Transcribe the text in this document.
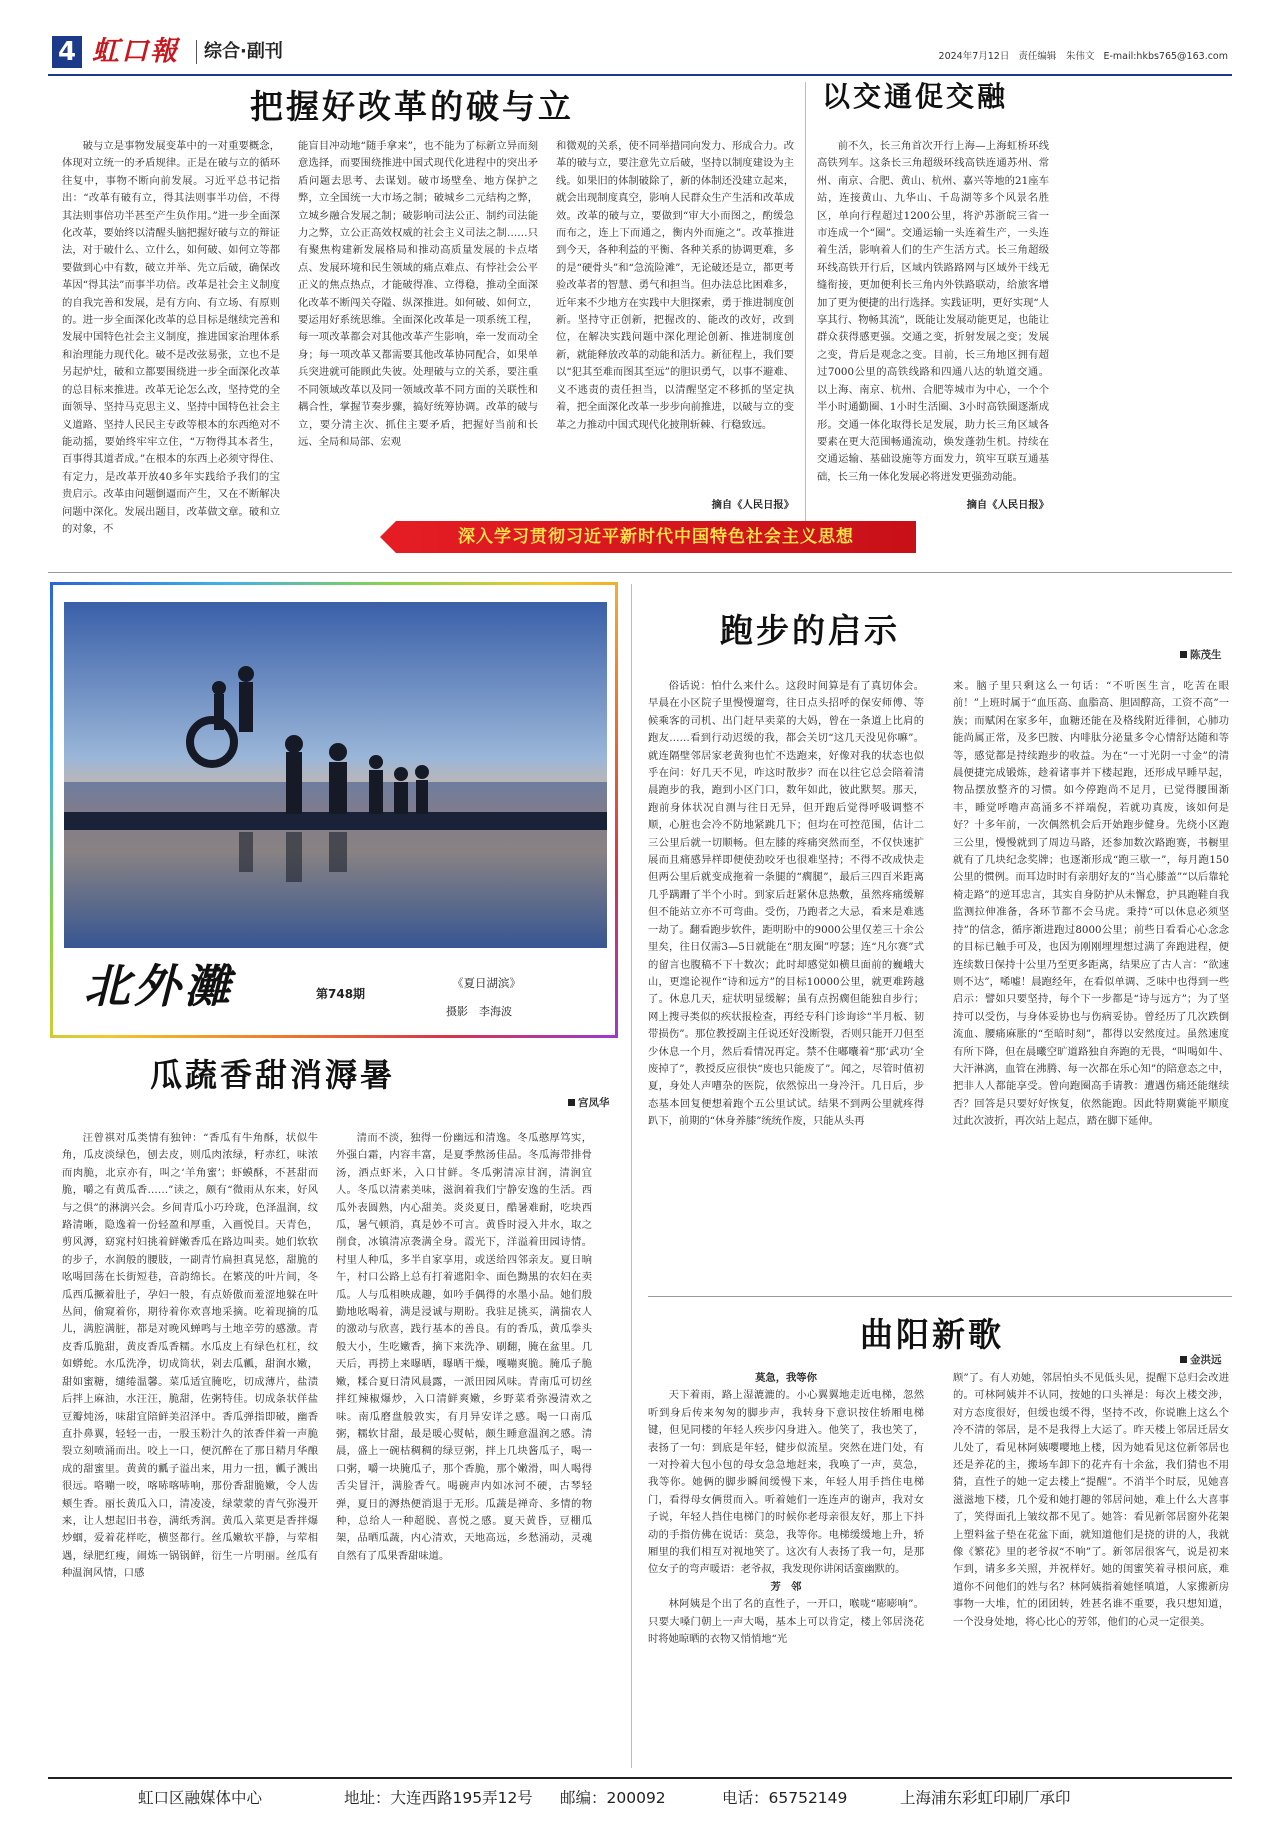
4 虹口報 综合·副刊	2024年7月12日 责任编辑　朱伟文 E-mail:hkbs765@163.com
把握好改革的破与立

破与立是事物发展变革中的一对重要概念，体现对立统一的矛盾规律。正是在破与立的循环往复中，事物不断向前发展。习近平总书记指出：“改革有破有立，得其法则事半功倍，不得其法则事倍功半甚至产生负作用。”进一步全面深化改革，要始终以清醒头脑把握好破与立的辩证法，对于破什么、立什么，如何破、如何立等都要做到心中有数，破立并举、先立后破，确保改革因“得其法”而事半功倍。改革是社会主义制度的自我完善和发展，是有方向、有立场、有原则的。进一步全面深化改革的总目标是继续完善和发展中国特色社会主义制度，推进国家治理体系和治理能力现代化。破不是改弦易张，立也不是另起炉灶，破和立都要围绕进一步全面深化改革的总目标来推进。改革无论怎么改，坚持党的全面领导、坚持马克思主义、坚持中国特色社会主义道路、坚持人民民主专政等根本的东西绝对不能动摇，要始终牢牢立住，“万物得其本者生，百事得其道者成。”在根本的东西上必须守得住、有定力，是改革开放40多年实践给予我们的宝贵启示。改革由问题倒逼而产生，又在不断解决问题中深化。发展出题目，改革做文章。破和立的对象，不

能盲目冲动地“随手拿来”，也不能为了标新立异而刻意选择，而要围绕推进中国式现代化进程中的突出矛盾问题去思考、去谋划。破市场壁垒、地方保护之弊，立全国统一大市场之制；破城乡二元结构之弊，立城乡融合发展之制；破影响司法公正、制约司法能力之弊，立公正高效权威的社会主义司法之制……只有聚焦构建新发展格局和推动高质量发展的卡点堵点、发展环境和民生领域的痛点难点、有悖社会公平正义的焦点热点，才能破得准、立得稳，推动全面深化改革不断闯关夺隘、纵深推进。如何破、如何立，要运用好系统思维。全面深化改革是一项系统工程，每一项改革都会对其他改革产生影响，牵一发而动全身；每一项改革又都需要其他改革协同配合，如果单兵突进就可能顾此失彼。处理破与立的关系，要注重不同领域改革以及同一领域改革不同方面的关联性和耦合性，掌握节奏步骤，搞好统筹协调。改革的破与立，要分清主次、抓住主要矛盾，把握好当前和长远、全局和局部、宏观

和微观的关系，使不同举措同向发力、形成合力。改革的破与立，要注意先立后破，坚持以制度建设为主线。如果旧的体制破除了，新的体制还没建立起来，就会出现制度真空，影响人民群众生产生活和改革成效。改革的破与立，要做到“审大小而图之，酌缓急而布之，连上下而通之，衡内外而施之”。改革推进到今天，各种利益的平衡、各种关系的协调更难，多的是“硬骨头”和“急流险滩”，无论破还是立，都更考验改革者的智慧、勇气和担当。但办法总比困难多，近年来不少地方在实践中大胆探索，勇于推进制度创新。坚持守正创新，把握改的、能改的改好，改到位，在解决实践问题中深化理论创新、推进制度创新，就能释放改革的动能和活力。新征程上，我们要以“犯其至难而图其至远”的胆识勇气，以事不避难、义不逃责的责任担当，以清醒坚定不移抓的坚定执着，把全面深化改革一步步向前推进，以破与立的变革之力推动中国式现代化披荆斩棘、行稳致远。

摘自《人民日报》
以交通促交融

前不久，长三角首次开行上海—上海虹桥环线高铁列车。这条长三角超级环线高铁连通苏州、常州、南京、合肥、黄山、杭州、嘉兴等地的21座车站，连接黄山、九华山、千岛湖等多个风景名胜区，单向行程超过1200公里，将沪苏浙皖三省一市连成一个“圈”。交通运输一头连着生产，一头连着生活，影响着人们的生产生活方式。长三角超级环线高铁开行后，区域内铁路路网与区域外干线无缝衔接，更加便利长三角内外铁路联动，给旅客增加了更为便捷的出行选择。实践证明，更好实现“人享其行、物畅其流”，既能让发展动能更足，也能让群众获得感更强。交通之变，折射发展之变；发展之变，背后是观念之变。目前，长三角地区拥有超过7000公里的高铁线路和四通八达的轨道交通。以上海、南京、杭州、合肥等城市为中心，一个个半小时通勤圈、1小时生活圈、3小时高铁圈逐渐成形。交通一体化取得长足发展，助力长三角区域各要素在更大范围畅通流动，焕发蓬勃生机。持续在交通运输、基础设施等方面发力，筑牢互联互通基础，长三角一体化发展必将迸发更强劲动能。

摘自《人民日报》
深入学习贯彻习近平新时代中国特色社会主义思想
北外灘	第748期
《夏日湖滨》
摄影　李海波
瓜蔬香甜消溽暑
宫凤华

汪曾祺对瓜类情有独钟：“香瓜有牛角酥，状似牛角，瓜皮淡绿色，刨去皮，则瓜肉浓绿，籽赤红，味浓而肉脆，北京亦有，叫之‘羊角蜜’；虾蟆酥，不甚甜而脆，嚼之有黄瓜香……”读之，颇有“微雨从东来，好风与之俱”的淋漓兴会。乡间青瓜小巧玲珑，色泽温润，纹路清晰，隐逸着一份轻盈和厚重，入画悦目。天青色，剪风溽，窈窕村妇挑着鲜嫩香瓜在路边叫卖。她们软软的步子，水润般的腰肢，一副青竹扁担真晃悠，甜脆的吆喝回荡在长街短巷，音韵绵长。在繁茂的叶片间，冬瓜西瓜撅着肚子，孕妇一般，有点娇傲而羞涩地躲在叶丛间，偷窥着你，期待着你欢喜地采摘。吃着现摘的瓜儿，满腔满脏，都是对晚风蝉鸣与土地辛劳的感激。青皮香瓜脆甜，黄皮香瓜香糯。水瓜皮上有绿色杠杠，纹如蟒蛇。水瓜洗净，切成筒状，剁去瓜瓤，甜润水嫩，甜如蜜糖，缱绻温馨。菜瓜适宜腌吃，切成薄片，盐渍后拌上麻油，水汪汪，脆甜，佐粥特佳。切成条状佯盐豆瓣炖汤，味甜宜陪鲜美沼泽中。香瓜弹指即破，幽香直扑鼻翼，轻轻一击，一股玉粉汁久的浓香伴着一声脆裂立刻喷涌而出。咬上一口，便沉醉在了那日精月华酿成的甜蜜里。黄黄的瓤子溢出来，用力一扭，瓤子溅出很远。咯嘣一咬，喀哧喀哧响，那份香甜脆嫩，令人齿颊生香。丽长黄瓜入口，清凌凌，绿蒙蒙的青气弥漫开来，让人想起旧书卷，满纸秀润。黄瓜入菜更是香拌爆炒蝈，爱着花样吃，横竖都行。丝瓜嫩软平静，与荤相遇，绿肥红瘦，闹炼一锅锅鲜，衍生一片明丽。丝瓜有种温润风情，口感

清而不淡，独得一份幽远和清逸。冬瓜憨厚笃实，外强白霜，内容丰富，是夏季熬汤佳品。冬瓜海带排骨汤，酒点虾米，入口甘鲜。冬瓜粥清凉甘润，清润宜人。冬瓜以清素美味，滋润着我们宁静安逸的生活。西瓜外表圆熟，内心甜美。炎炎夏日，酷暑难耐，吃块西瓜，暑气顿消，真是妙不可言。黄昏时浸入井水，取之削食，冰镇清凉袭满全身。霞光下，洋溢着田园诗情。村里人种瓜，多半自家享用，或送给四邻亲友。夏日晌午，村口公路上总有打着遮阳伞、面色黝黑的农妇在卖瓜。人与瓜相映成趣，如吟手偶得的水墨小品。她们殷勤地吆喝着，满是浸诚与期盼。我驻足挑买，满揣农人的激动与欣喜，践行基本的善良。有的香瓜，黄瓜拳头般大小，生吃嫩香，摘下来洗净、刷翻，腌在盆里。几天后，再捞上来曝晒，曝晒干燥，嘎嘣爽脆。腌瓜子脆嫩，糅合夏日清风晨露，一派田园风味。青南瓜可切丝拌红辣椒爆炒，入口清鲜爽嫩，乡野菜肴弥漫清欢之味。南瓜磨盘般敦实，有月异安详之感。喝一口南瓜粥，糯软甘甜，最是暖心熨帖，颇生睡意温润之感。清晨，盛上一碗枯稠稠的绿豆粥，拌上几块酱瓜子，喝一口粥，嚼一块腌瓜子，那个香脆，那个嫩滑，叫人喝得舌尖冒汗，满脸香气。喝碗声内如冰河不硬，古琴轻弹，夏日的溽热便消退于无形。瓜蔬是禅奇、多情的物种，总给人一种超脱、喜悦之感。夏天黄昏，豆棚瓜架，品晒瓜蔬，内心清欢，天地高远，乡愁涌动，灵魂自然有了瓜果香甜味道。

跑步的启示
陈茂生

俗话说：怕什么来什么。这段时间算是有了真切体会。早晨在小区院子里慢慢遛弯，往日点头招呼的保安师傅、等候乘客的司机、出门赶早卖菜的大妈，曾在一条道上比肩的跑友……看到行动迟缓的我，都会关切“这几天没见你嘛”。就连隔壁邻居家老黄狗也忙不迭跑来，好像对我的状态也似乎在问：好几天不见，咋这时散步？而在以往它总会陪着清晨跑步的我，跑到小区门口，数年如此，彼此默契。那天，跑前身体状况自测与往日无异，但开跑后觉得呼吸调整不顺，心脏也会冷不防地紧跳几下；但均在可控范围，估计二三公里后就一切顺畅。但左膝的疼痛突然而至，不仅快速扩展而且痛感异样即便使劲咬牙也很难坚持；不得不改成快走但两公里后就变成拖着一条腿的“瘸腿”，最后三四百米距离几乎蹒跚了半个小时。到家后赶紧休息热敷，虽然疼痛缓解但不能站立亦不可弯曲。受伤，乃跑者之大忌，看来是难逃一劫了。翻看跑步软件，距明盼中的9000公里仅差三十余公里矣，往日仅需3—5日就能在“朋友圈”哼瑟；连“凡尔赛”式的留言也腹稿不下十数次；此时却感觉如横旦面前的巍峨大山，更遑论视作“诗和远方”的目标10000公里，就更难跨越了。休息几天，症状明显缓解；虽有点拐瘸但能独自步行；网上搜寻类似的疾状报检查，再经专科门诊询诊“半月板、韧带损伤”。那位教授副主任说还好没断裂，否则只能开刀但至少休息一个月，然后看情况再定。禁不住嘟囔着“那‘武功’全废掉了”，教授反应很快“废也只能废了”。闻之，尽管时值初夏，身处人声嘈杂的医院，依然惊出一身冷汗。几日后，步态基本回复便想着跑个五公里试试。结果不到两公里就疼得趴下，前期的“休身养膝”统统作废，只能从头再

来。脑子里只剩这么一句话：“不听医生言，吃苦在眼前！”上班时属于“血压高、血脂高、胆固醇高，工资不高”一族；而赋闲在家多年，血糖还能在及格线附近徘徊，心肺功能尚属正常，及多巴胺、内啡肽分泌量多令心情舒达随和等等，感觉都是持续跑步的收益。为在“一寸光阴一寸金”的清晨便捷完成锻炼，趁着诸事并下楼起跑，还形成早睡早起，物品摆放整齐的习惯。如今停跑尚不足月，已觉得腰围渐丰，睡觉呼噜声高涌多不祥端倪，若就功真废，该如何是好？十多年前，一次偶然机会后开始跑步健身。先绕小区跑三公里，慢慢就到了周边马路，还参加数次路跑赛，书橱里就有了几块纪念奖牌；也逐渐形成“跑三歇一”，每月跑150公里的惯例。而耳边时时有亲朋好友的“当心膝盖”“以后靠轮椅走路”的逆耳忠言，其实自身防护从未懈怠，护具跑鞋自我监测拉伸准备，各环节都不会马虎。秉持“可以休息必须坚持”的信念，循序渐进跑过8000公里；前些日看看心心念念的目标已触手可及，也因为刚刚埋埋想过满了奔跑进程，便连续数日保持十公里乃至更多距离，结果应了古人言：“欲速则不达”，唏嘘！晨跑经年，在看似单调、乏味中也得到一些启示：譬如只要坚持，每个下一步都是“诗与远方”；为了坚持可以受伤，与身体妥协也与伤病妥协。曾经历了几次跌倒流血、腰痛麻胀的“至暗时刻”，都得以安然度过。虽然速度有所下降，但在晨曦空旷道路独自奔跑的无畏，“叫喝如牛、大汗淋漓，血管在沸腾、每一次都在乐心知”的陪意态之中，把非人人都能享受。曾向跑圈高手请教：遭遇伤痛还能继续否？回答是只要好好恢复，依然能跑。因此特期冀能平顺度过此次波折，再次站上起点，踏在脚下延伸。

曲阳新歌
金洪远

莫急，我等你

天下着雨，路上湿漉漉的。小心翼翼地走近电梯，忽然听到身后传来匆匆的脚步声，我转身下意识按住轿厢电梯键，但见同楼的年轻人疾步闪身进入。他笑了，我也笑了，表扬了一句：到底是年轻，健步似流星。突然在进门处，有一对拎着大包小包的母女急急地赶来，我唤了一声，莫急，我等你。她俩的脚步瞬间缓慢下来，年轻人用手挡住电梯门，看得母女俩贯而入。听着她们一连连声的谢声，我对女子说，年轻人挡住电梯门的时候你老母亲很友好，那上下抖动的手指仿佛在说话：莫急，我等你。电梯缓缓地上升，轿厢里的我们相互对视地笑了。这次有人表扬了我一句，是那位女子的弯声暖语：老爷叔，我发现你讲闲话蛮幽默的。

芳　邻

林阿姨是个出了名的直性子，一开口，喉咙“嘭嘭响”。只要大嗓门朝上一声大喝，基本上可以肯定，楼上邻居浇花时将她晾晒的衣物又悄悄地“光

顾”了。有人劝她，邻居怕头不见低头见，提醒下总归会改进的。可林阿姨并不认同，按她的口头禅是：每次上楼交涉，对方态度很好，但缓也缓不得，坚持不改，你说瞧上这么个冷不清的邻居，是不是我得上大运了。昨天楼上邻居迁居女儿处了，看见林阿姨嘤嘤地上楼，因为她看见这位新邻居也还是养花的主，搬场车卸下的花卉有十余盆，我们猜也不用猜，直性子的她一定去楼上“提醒”。不消半个时辰，见她喜滋滋地下楼，几个爱和她打趣的邻居问她，难上什么大喜事了，笑得面孔上皱纹都不见了。她答：看见新邻居窗外花架上塑料盆子垫在花盆下面，就知道他们是挠的讲的人，我就像《繁花》里的老爷叔“不响”了。新邻居很客气，说是初来乍到，请多多关照，并祝样好。她的闺蜜笑着寻根问底，难道你不问他们的姓与名？林阿姨指着她怪嗔道，人家搬新房事物一大堆，忙的团团转，姓甚名谁不重要，我只想知道，一个没身处地，将心比心的芳邻，他们的心灵一定很美。

虹口区融媒体中心	地址：大连西路195弄12号 邮编：200092	电话：65752149	上海浦东彩虹印刷厂承印
